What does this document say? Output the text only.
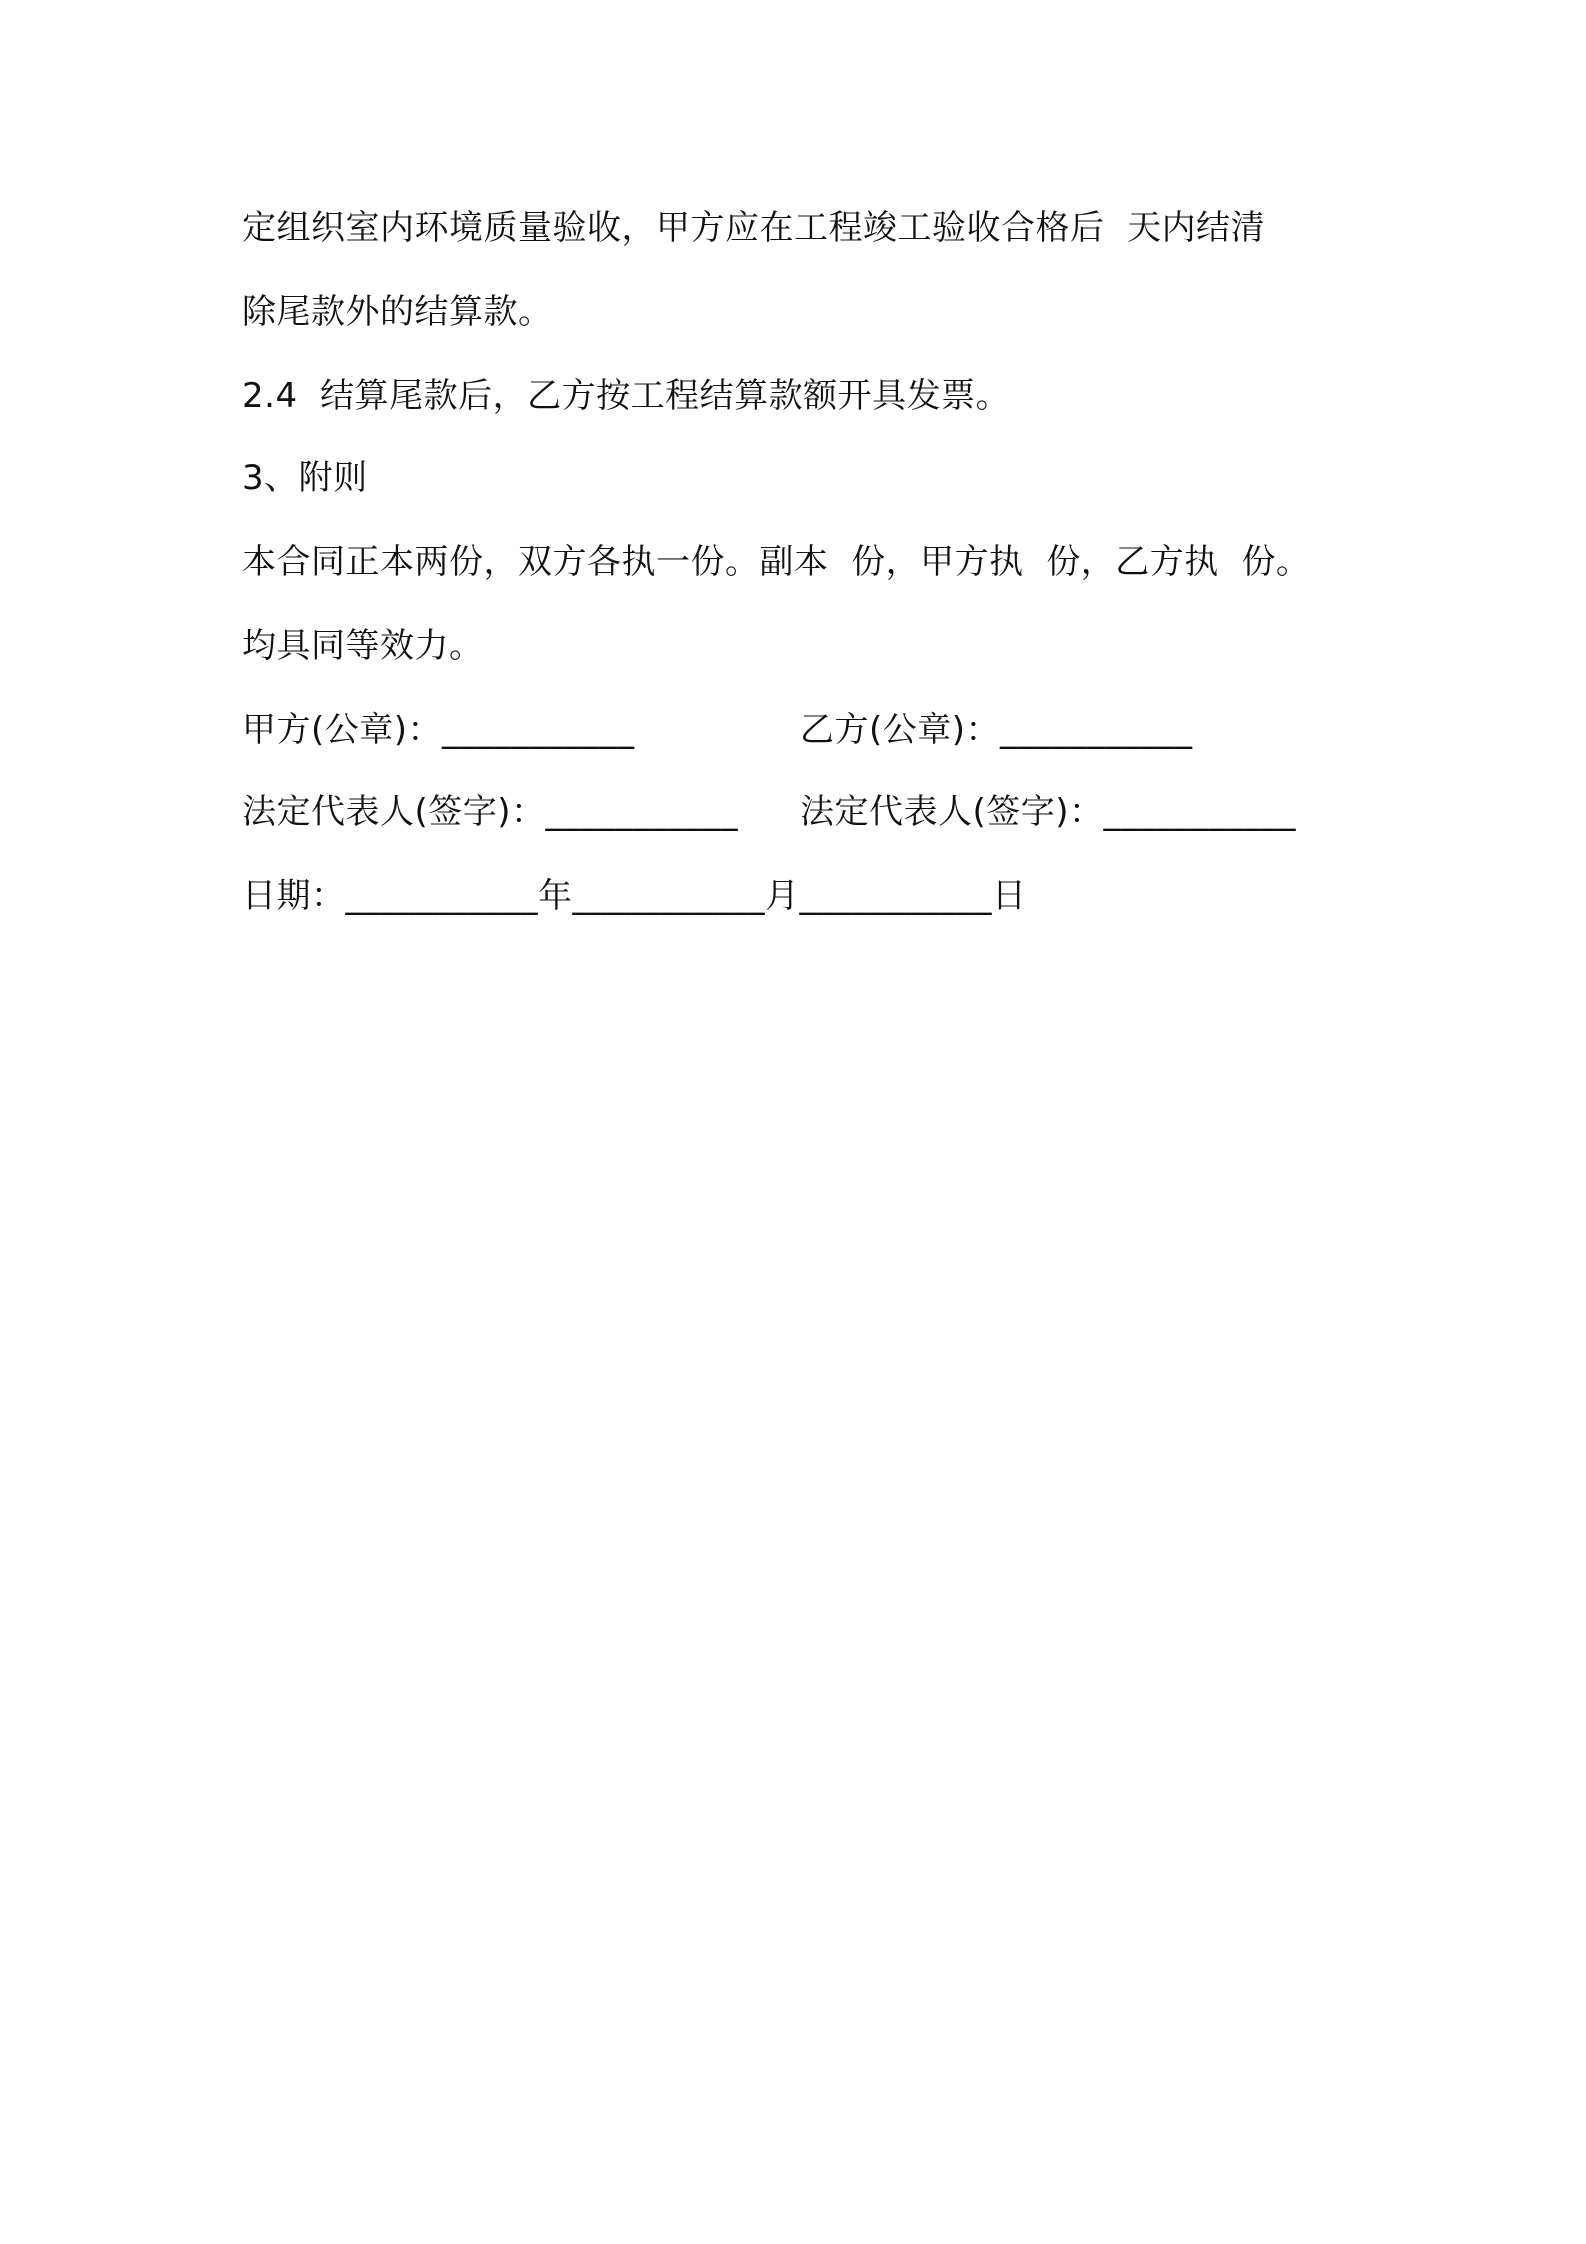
定组织室内环境质量验收，甲方应在工程竣工验收合格后  天内结清
除尾款外的结算款。
2.4  结算尾款后，乙方按工程结算款额开具发票。
3、附则
本合同正本两份，双方各执一份。副本  份，甲方执  份，乙方执  份。
均具同等效力。
甲方(公章)：___________	乙方(公章)：___________
法定代表人(签字)：___________ 法定代表人(签字)：___________
日期：___________年___________月___________日
